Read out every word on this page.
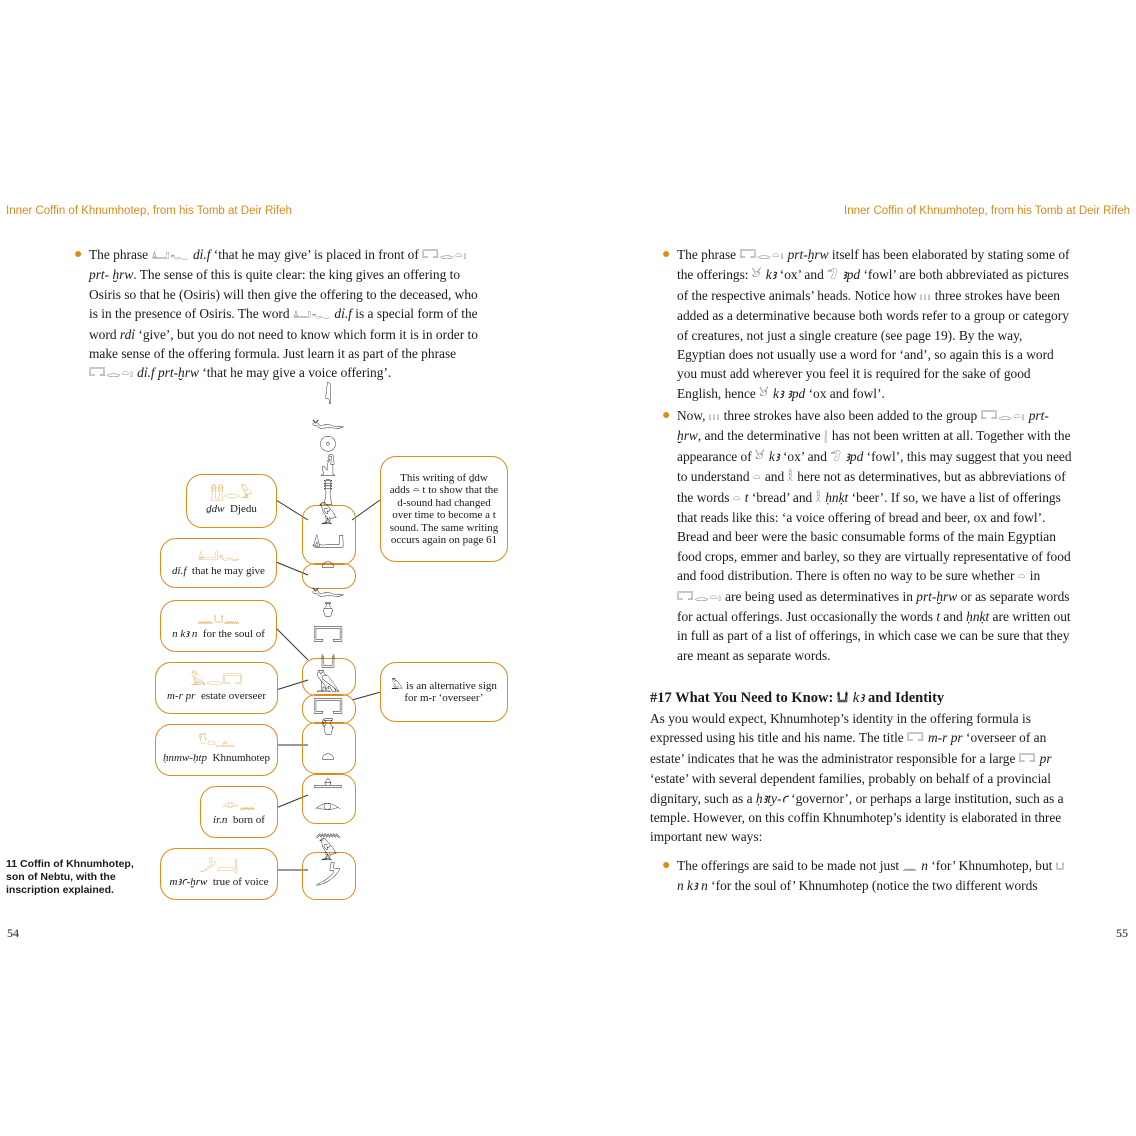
Inner Coffin of Khnumhotep, from his Tomb at Deir Rifeh

● The phrase 𓂞𓆑 dỉ.f ‘that he may give’ is placed in front of 𓉐𓂋𓏏𓏤 prt- ḫrw. The sense of this is quite clear: the king gives an offering to Osiris so that he (Osiris) will then give the offering to the deceased, who is in the presence of Osiris. The word 𓂞𓆑 dỉ.f is a special form of the word rdỉ ‘give’, but you do not need to know which form it is in order to make sense of the offering formula. Just learn it as part of the phrase 𓉐𓂋𓏏𓏤 dỉ.f prt-ḫrw ‘that he may give a voice offering’.

𓇋
𓆑
𓇳
𓀭
𓊽
𓅱
𓂞
𓏏
𓆑
𓏊
𓉐
𓂓
𓅓
𓉐
𓎸
𓏏
𓊵
𓁹
𓈖
𓅱
𓌳
𓊽𓊽𓂋𓅱
ḏdw Djedu
𓂞𓆑
dỉ.f that he may give
𓈖𓂓𓈖
n kꜣ n for the soul of
𓅓𓂋𓉐
m-r pr estate overseer
𓎸𓏏𓊵
ḥnmw-ḥtp Khnumhotep
𓁹𓈖
ỉr.n born of
𓌳𓐙𓊤
mꜣꜥ-ḫrw true of voice
This writing of ḏdw adds 𓏏 t to show that the d-sound had changed over time to become a t sound. The same writing occurs again on page 61
𓅓 is an alternative sign for m-r ‘overseer’
11 Coffin of Khnumhotep, son of Nebtu, with the inscription explained.
54
Inner Coffin of Khnumhotep, from his Tomb at Deir Rifeh

● The phrase 𓉐𓂋𓏏𓏤 prt-ḫrw itself has been elaborated by stating some of the offerings: 𓃾 kꜣ ‘ox’ and 𓅿 ꜣpd ‘fowl’ are both abbreviated as pictures of the respective animals’ heads. Notice how 𓏥 three strokes have been added as a determinative because both words refer to a group or category of creatures, not just a single creature (see page 19). By the way, Egyptian does not usually use a word for ‘and’, so again this is a word you must add wherever you feel it is required for the sake of good English, hence 𓃾 kꜣ ꜣpd ‘ox and fowl’.

● Now, 𓏥 three strokes have also been added to the group 𓉐𓂋𓏏𓏤 prt- ḫrw, and the determinative 𓊤 has not been written at all. Together with the appearance of 𓃾 kꜣ ‘ox’ and 𓅿 ꜣpd ‘fowl’, this may suggest that you need to understand 𓏏 and 𓎛 here not as determinatives, but as abbreviations of the words 𓏏 t ‘bread’ and 𓎛 ḥnḳt ‘beer’. If so, we have a list of offerings that reads like this: ‘a voice offering of bread and beer, ox and fowl’. Bread and beer were the basic consumable forms of the main Egyptian food crops, emmer and barley, so they are virtually representative of food and food distribution. There is often no way to be sure whether 𓏏 in 𓉐𓂋𓏏𓏤 are being used as determinatives in prt-ḫrw or as separate words for actual offerings. Just occasionally the words t and ḥnḳt are written out in full as part of a list of offerings, in which case we can be sure that they are meant as separate words.

#17 What You Need to Know: 𓂓 kꜣ and Identity
As you would expect, Khnumhotep’s identity in the offering formula is expressed using his title and his name. The title 𓉐 m-r pr ‘overseer of an estate’ indicates that he was the administrator responsible for a large 𓉐 pr ‘estate’ with several dependent families, probably on behalf of a provincial dignitary, such as a ḥꜣty-ꜥ ‘governor’, or perhaps a large institution, such as a temple. However, on this coffin Khnumhotep’s identity is elaborated in three important new ways:

● The offerings are said to be made not just 𓈖 n ‘for’ Khnumhotep, but 𓂓 n kꜣ n ‘for the soul of’ Khnumhotep (notice the two different words

55
